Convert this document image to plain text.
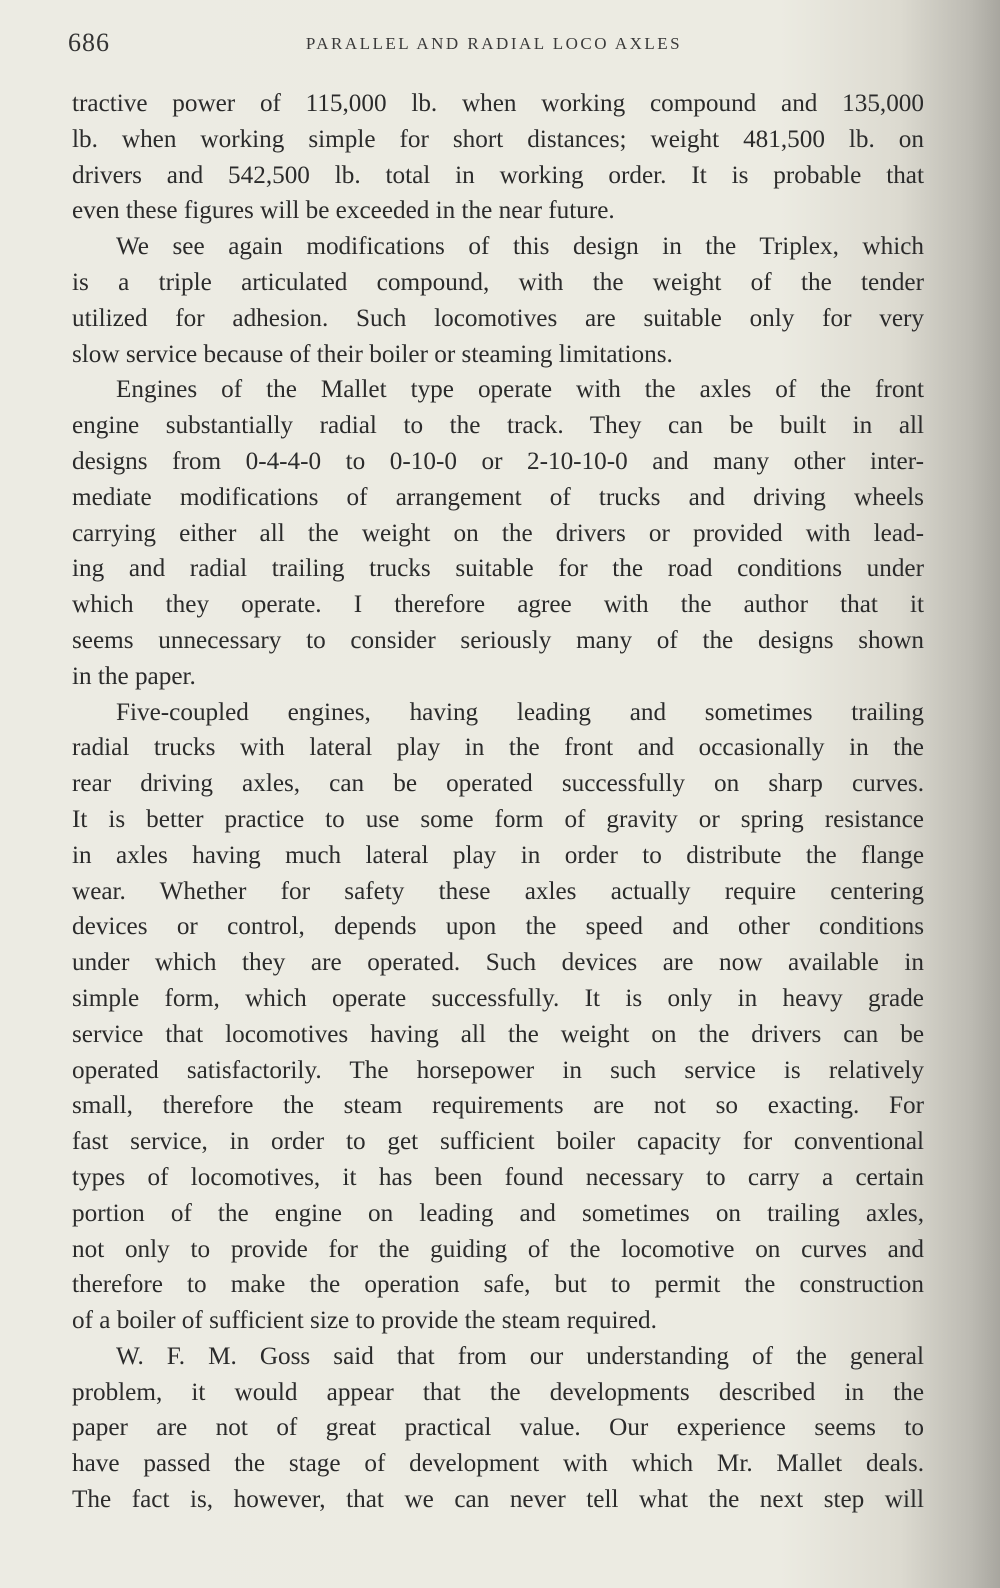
686	PARALLEL AND RADIAL LOCO AXLES

tractive power of 115,000 lb. when working compound and 135,000
lb. when working simple for short distances; weight 481,500 lb. on
drivers and 542,500 lb. total in working order. It is probable that
even these figures will be exceeded in the near future.

We see again modifications of this design in the Triplex, which
is a triple articulated compound, with the weight of the tender
utilized for adhesion. Such locomotives are suitable only for very
slow service because of their boiler or steaming limitations.

Engines of the Mallet type operate with the axles of the front
engine substantially radial to the track. They can be built in all
designs from 0-4-4-0 to 0-10-0 or 2-10-10-0 and many other inter-
mediate modifications of arrangement of trucks and driving wheels
carrying either all the weight on the drivers or provided with lead-
ing and radial trailing trucks suitable for the road conditions under
which they operate. I therefore agree with the author that it
seems unnecessary to consider seriously many of the designs shown
in the paper.

Five-coupled engines, having leading and sometimes trailing
radial trucks with lateral play in the front and occasionally in the
rear driving axles, can be operated successfully on sharp curves.
It is better practice to use some form of gravity or spring resistance
in axles having much lateral play in order to distribute the flange
wear. Whether for safety these axles actually require centering
devices or control, depends upon the speed and other conditions
under which they are operated. Such devices are now available in
simple form, which operate successfully. It is only in heavy grade
service that locomotives having all the weight on the drivers can be
operated satisfactorily. The horsepower in such service is relatively
small, therefore the steam requirements are not so exacting. For
fast service, in order to get sufficient boiler capacity for conventional
types of locomotives, it has been found necessary to carry a certain
portion of the engine on leading and sometimes on trailing axles,
not only to provide for the guiding of the locomotive on curves and
therefore to make the operation safe, but to permit the construction
of a boiler of sufficient size to provide the steam required.

W. F. M. Goss said that from our understanding of the general
problem, it would appear that the developments described in the
paper are not of great practical value. Our experience seems to
have passed the stage of development with which Mr. Mallet deals.
The fact is, however, that we can never tell what the next step will
